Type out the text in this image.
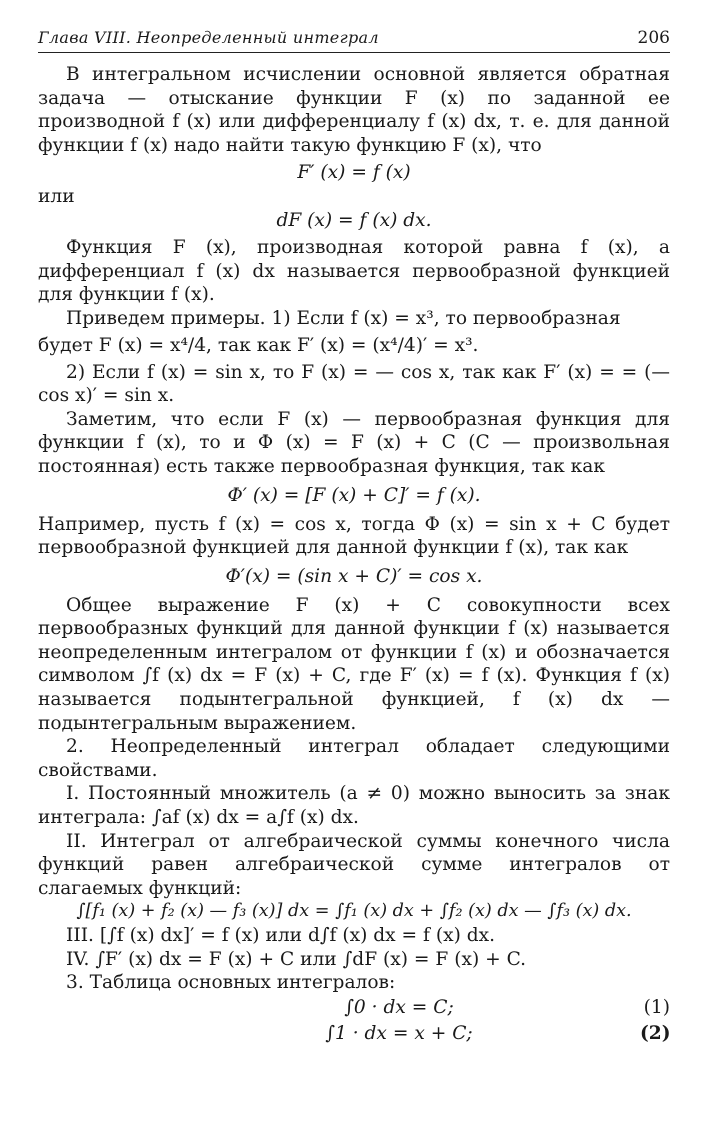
Глава VIII. Неопределенный интеграл	206

В интегральном исчислении основной является обратная задача — отыскание функции F (x) по заданной ее производной f (x) или дифференциалу f (x) dx, т. е. для данной функции f (x) надо найти такую функцию F (x), что

F′ (x) = f (x)

или

dF (x) = f (x) dx.

Функция F (x), производная которой равна f (x), а дифференциал f (x) dx называется первообразной функцией для функции f (x).

Приведем примеры. 1) Если f (x) = x³, то первообразная

будет F (x) = x⁴/4, так как F′ (x) = (x⁴/4)′ = x³.

2) Если f (x) = sin x, то F (x) = — cos x, так как F′ (x) = = (— cos x)′ = sin x.

Заметим, что если F (x) — первообразная функция для функции f (x), то и Φ (x) = F (x) + C (C — произвольная постоянная) есть также первообразная функция, так как

Φ′ (x) = [F (x) + C]′ = f (x).

Например, пусть f (x) = cos x, тогда Φ (x) = sin x + C будет первообразной функцией для данной функции f (x), так как

Φ′(x) = (sin x + C)′ = cos x.

Общее выражение F (x) + C совокупности всех первообразных функций для данной функции f (x) называется неопределенным интегралом от функции f (x) и обозначается символом ∫f (x) dx = F (x) + C, где F′ (x) = f (x). Функция f (x) называется подынтегральной функцией, f (x) dx — подынтегральным выражением.

2. Неопределенный интеграл обладает следующими свойствами.

I. Постоянный множитель (a ≠ 0) можно выносить за знак интеграла: ∫af (x) dx = a∫f (x) dx.

II. Интеграл от алгебраической суммы конечного числа функций равен алгебраической сумме интегралов от слагаемых функций:

∫[f₁ (x) + f₂ (x) — f₃ (x)] dx = ∫f₁ (x) dx + ∫f₂ (x) dx — ∫f₃ (x) dx.

III. [∫f (x) dx]′ = f (x) или d∫f (x) dx = f (x) dx.

IV. ∫F′ (x) dx = F (x) + C или ∫dF (x) = F (x) + C.

3. Таблица основных интегралов:

∫0 · dx = C;	(1)
∫1 · dx = x + C;	(2)
